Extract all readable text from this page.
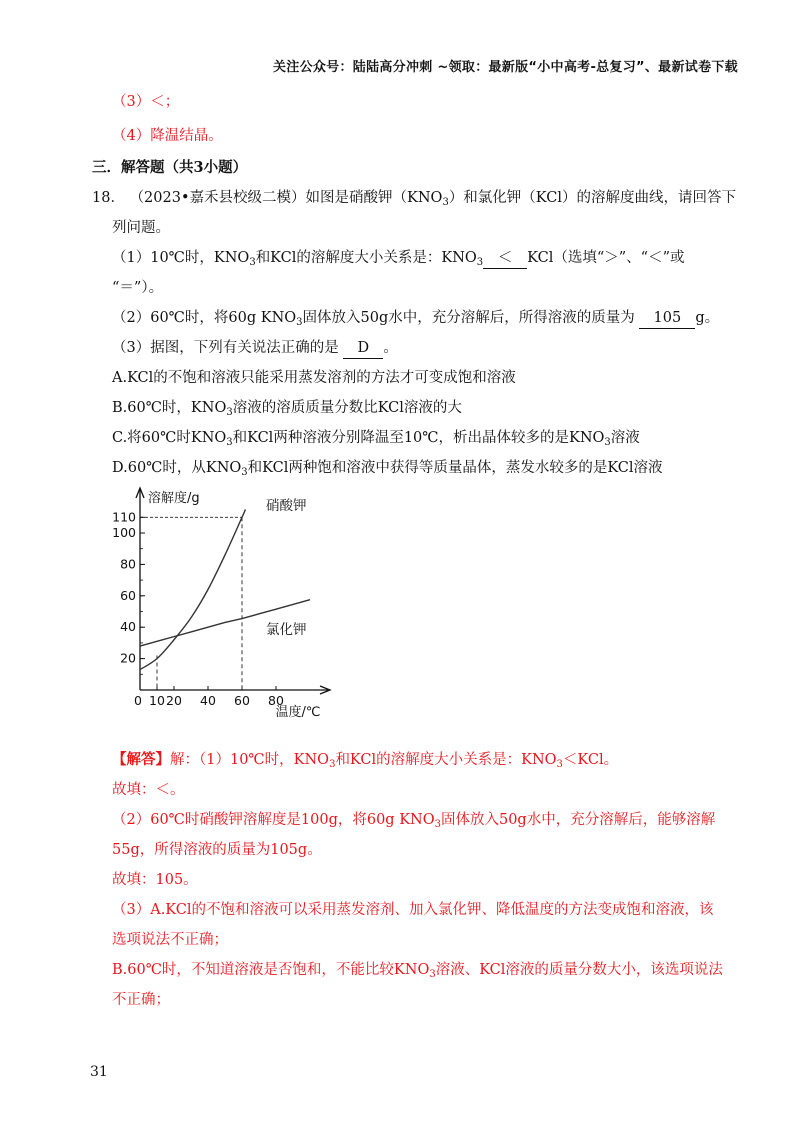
关注公众号：陆陆高分冲刺 ~领取：最新版“小中高考-总复习”、最新试卷下载
（3）＜；
（4）降温结晶。
三．解答题（共3小题）
18． （2023•嘉禾县校级二模）如图是硝酸钾$(KNO_3)$和氯化钾（KCl）的溶解度曲线，请回答下
列问题。
（1）10℃时，$KNO_3$和KCl的溶解度大小关系是：$KNO_3 < KCl$（选填“＞”、“＜”或
“＝”）。
（2）60℃时，将60g $KNO_3$固体放入50g水中，充分溶解后，所得溶液的质量为 105 g。
（3）据图，下列有关说法正确的是 D 。
A.KCl的不饱和溶液只能采用蒸发溶剂的方法才可变成饱和溶液
B.60℃时，$KNO_3$溶液的溶质质量分数比KCl溶液的大
C.将60℃时$KNO_3$和KCl两种溶液分别降温至10℃，析出晶体较多的是$KNO_3$溶液
D.60℃时，从$KNO_3$和KCl两种饱和溶液中获得等质量晶体，蒸发水较多的是KCl溶液
20
40
60
80
100
110
0 10 20 40 60 80
溶解度/g
温度/℃
硝酸钾
氯化钾
【解答】解：（1）10℃时，$KNO_3$和KCl的溶解度大小关系是：$KNO_3<KCl$。
故填：＜。
（2）60℃时硝酸钾溶解度是100g，将60g $KNO_3$固体放入50g水中，充分溶解后，能够溶解
55g，所得溶液的质量为105g。
故填：105。
（3）A.KCl的不饱和溶液可以采用蒸发溶剂、加入氯化钾、降低温度的方法变成饱和溶液，该
选项说法不正确；
B.60℃时，不知道溶液是否饱和，不能比较$KNO_3$溶液、KCl溶液的质量分数大小，该选项说法
不正确；
31
